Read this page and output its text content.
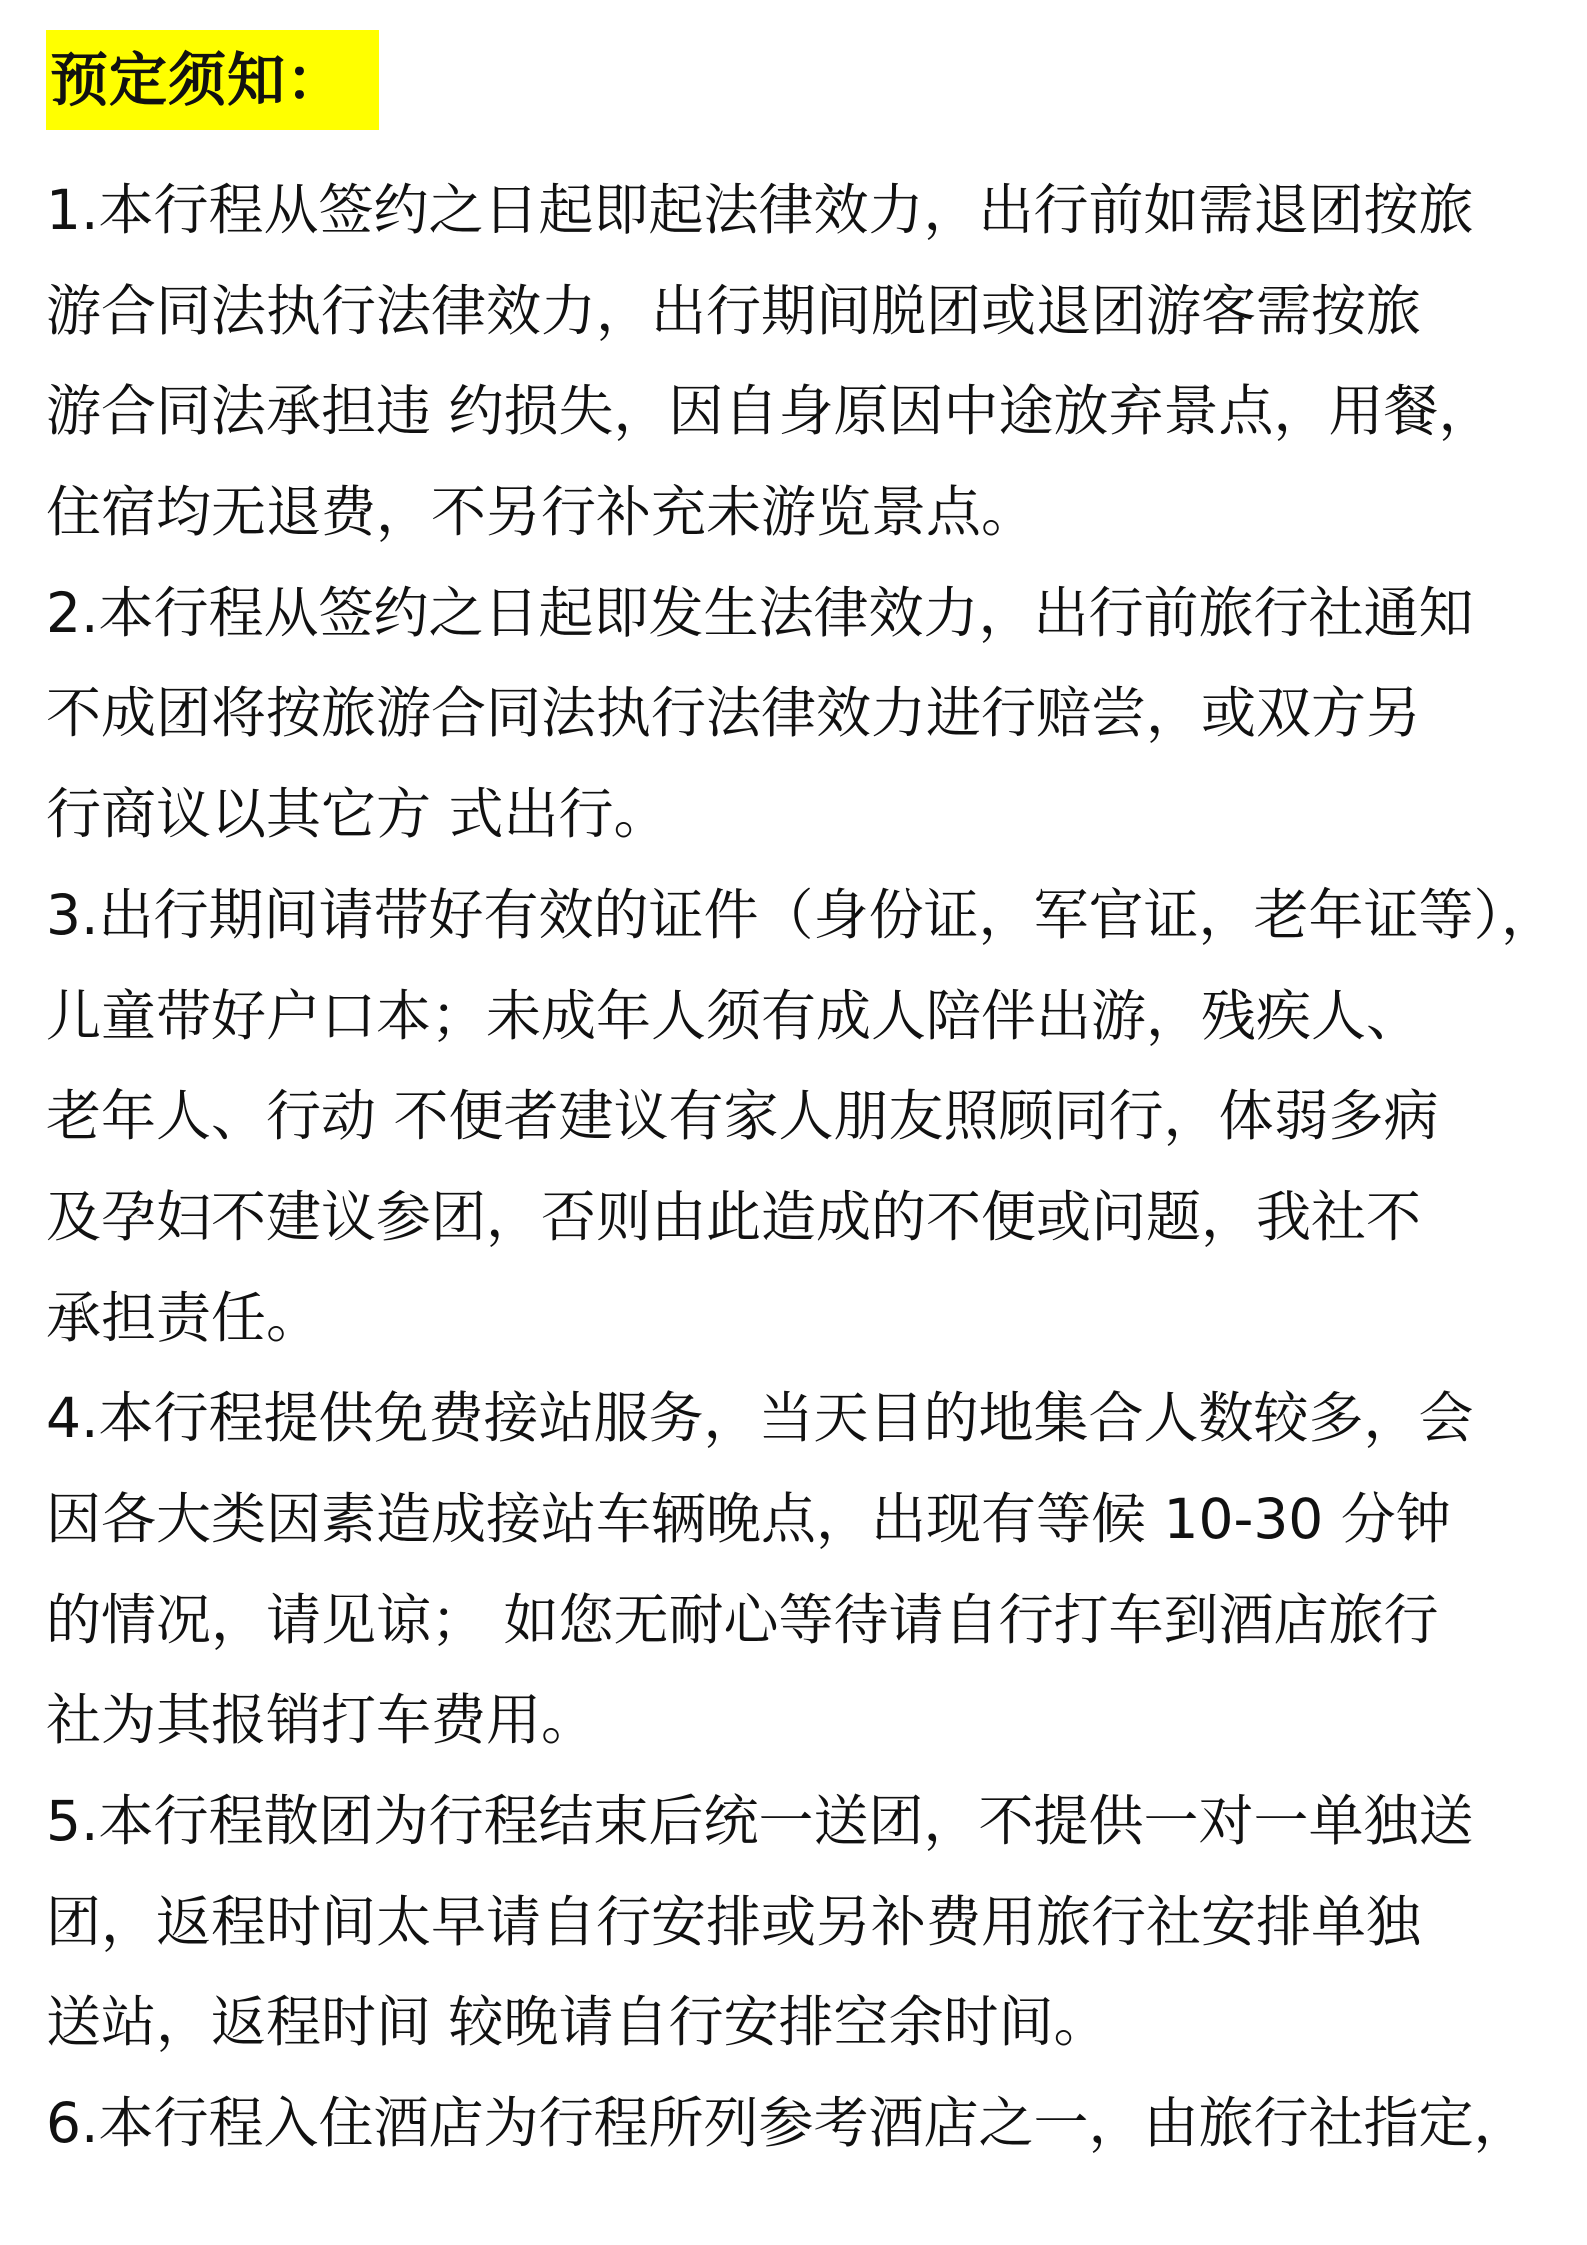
预定须知：
1.本行程从签约之日起即起法律效力，出行前如需退团按旅
游合同法执行法律效力，出行期间脱团或退团游客需按旅
游合同法承担违 约损失，因自身原因中途放弃景点，用餐，
住宿均无退费，不另行补充未游览景点。
2.本行程从签约之日起即发生法律效力，出行前旅行社通知
不成团将按旅游合同法执行法律效力进行赔尝，或双方另
行商议以其它方 式出行。
3.出行期间请带好有效的证件（身份证，军官证，老年证等），
儿童带好户口本；未成年人须有成人陪伴出游，残疾人、
老年人、行动 不便者建议有家人朋友照顾同行，体弱多病
及孕妇不建议参团，否则由此造成的不便或问题，我社不
承担责任。
4.本行程提供免费接站服务，当天目的地集合人数较多，会
因各大类因素造成接站车辆晚点，出现有等候 10-30 分钟
的情况，请见谅； 如您无耐心等待请自行打车到酒店旅行
社为其报销打车费用。
5.本行程散团为行程结束后统一送团，不提供一对一单独送
团，返程时间太早请自行安排或另补费用旅行社安排单独
送站，返程时间 较晚请自行安排空余时间。
6.本行程入住酒店为行程所列参考酒店之一，由旅行社指定，
